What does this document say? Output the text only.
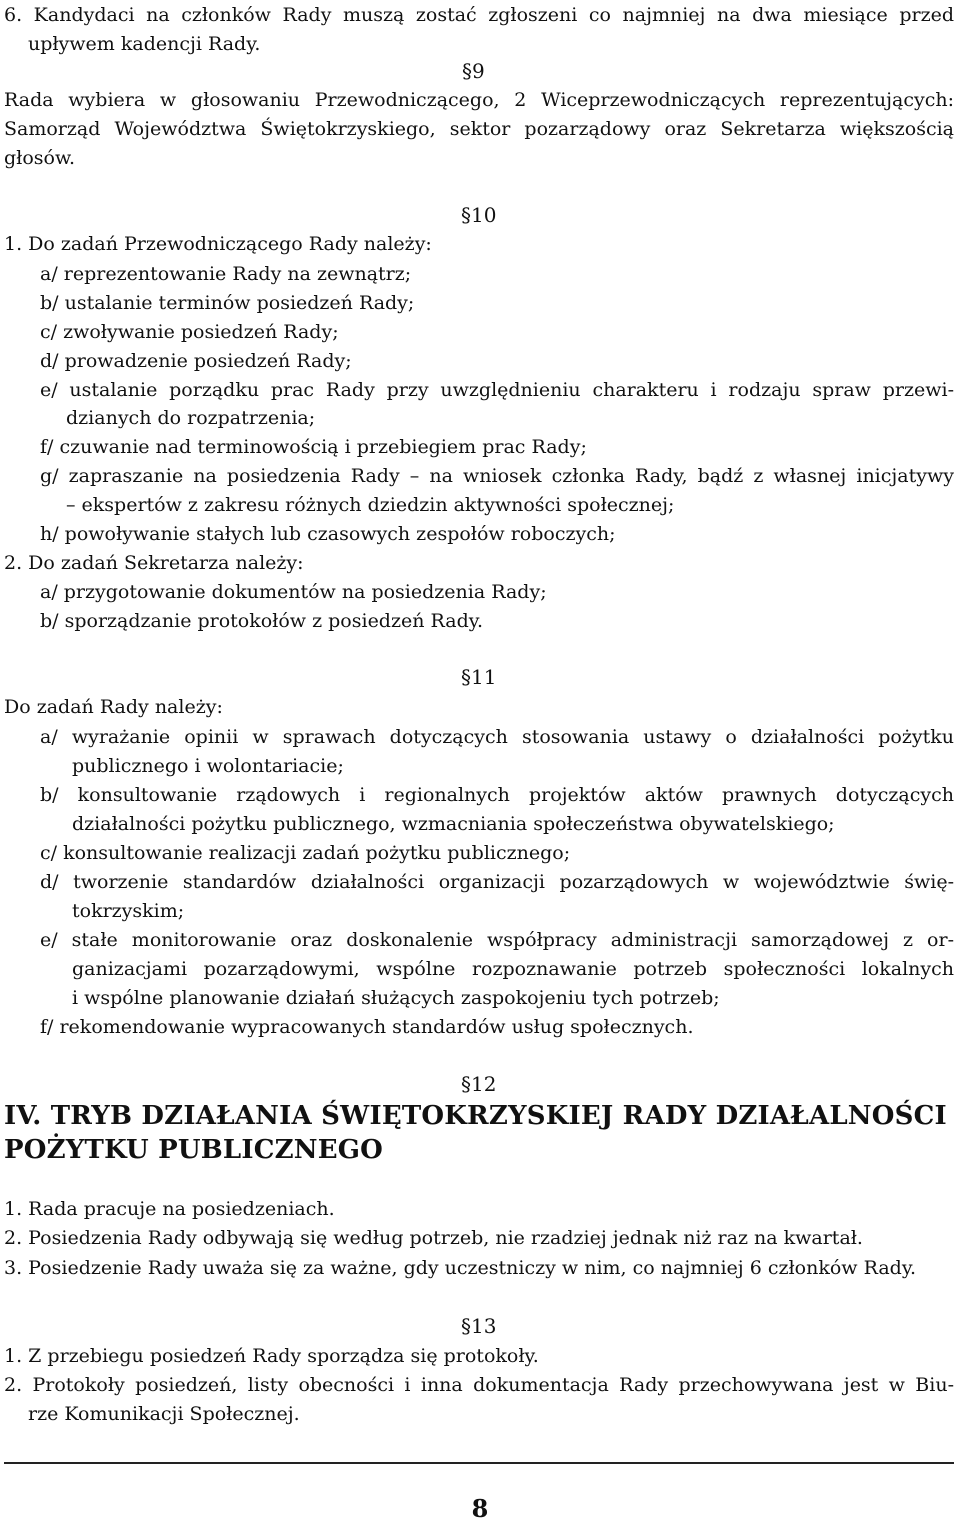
6. Kandydaci na członków Rady muszą zostać zgłoszeni co najmniej na dwa miesiące przed
upływem kadencji Rady.
§9
Rada wybiera w głosowaniu Przewodniczącego, 2 Wiceprzewodniczących reprezentujących:
Samorząd Województwa Świętokrzyskiego, sektor pozarządowy oraz Sekretarza większością
głosów.
§10
1. Do zadań Przewodniczącego Rady należy:
a/ reprezentowanie Rady na zewnątrz;
b/ ustalanie terminów posiedzeń Rady;
c/ zwoływanie posiedzeń Rady;
d/ prowadzenie posiedzeń Rady;
e/ ustalanie porządku prac Rady przy uwzględnieniu charakteru i rodzaju spraw przewi-
dzianych do rozpatrzenia;
f/ czuwanie nad terminowością i przebiegiem prac Rady;
g/ zapraszanie na posiedzenia Rady – na wniosek członka Rady, bądź z własnej inicjatywy
– ekspertów z zakresu różnych dziedzin aktywności społecznej;
h/ powoływanie stałych lub czasowych zespołów roboczych;
2. Do zadań Sekretarza należy:
a/ przygotowanie dokumentów na posiedzenia Rady;
b/ sporządzanie protokołów z posiedzeń Rady.
§11
Do zadań Rady należy:
a/ wyrażanie opinii w sprawach dotyczących stosowania ustawy o działalności pożytku
publicznego i wolontariacie;
b/ konsultowanie rządowych i regionalnych projektów aktów prawnych dotyczących
działalności pożytku publicznego, wzmacniania społeczeństwa obywatelskiego;
c/ konsultowanie realizacji zadań pożytku publicznego;
d/ tworzenie standardów działalności organizacji pozarządowych w województwie świę-
tokrzyskim;
e/ stałe monitorowanie oraz doskonalenie współpracy administracji samorządowej z or-
ganizacjami pozarządowymi, wspólne rozpoznawanie potrzeb społeczności lokalnych
i wspólne planowanie działań służących zaspokojeniu tych potrzeb;
f/ rekomendowanie wypracowanych standardów usług społecznych.
§12
IV. TRYB DZIAŁANIA ŚWIĘTOKRZYSKIEJ RADY DZIAŁALNOŚCI
POŻYTKU PUBLICZNEGO
1. Rada pracuje na posiedzeniach.
2. Posiedzenia Rady odbywają się według potrzeb, nie rzadziej jednak niż raz na kwartał.
3. Posiedzenie Rady uważa się za ważne, gdy uczestniczy w nim, co najmniej 6 członków Rady.
§13
1. Z przebiegu posiedzeń Rady sporządza się protokoły.
2. Protokoły posiedzeń, listy obecności i inna dokumentacja Rady przechowywana jest w Biu-
rze Komunikacji Społecznej.
8
